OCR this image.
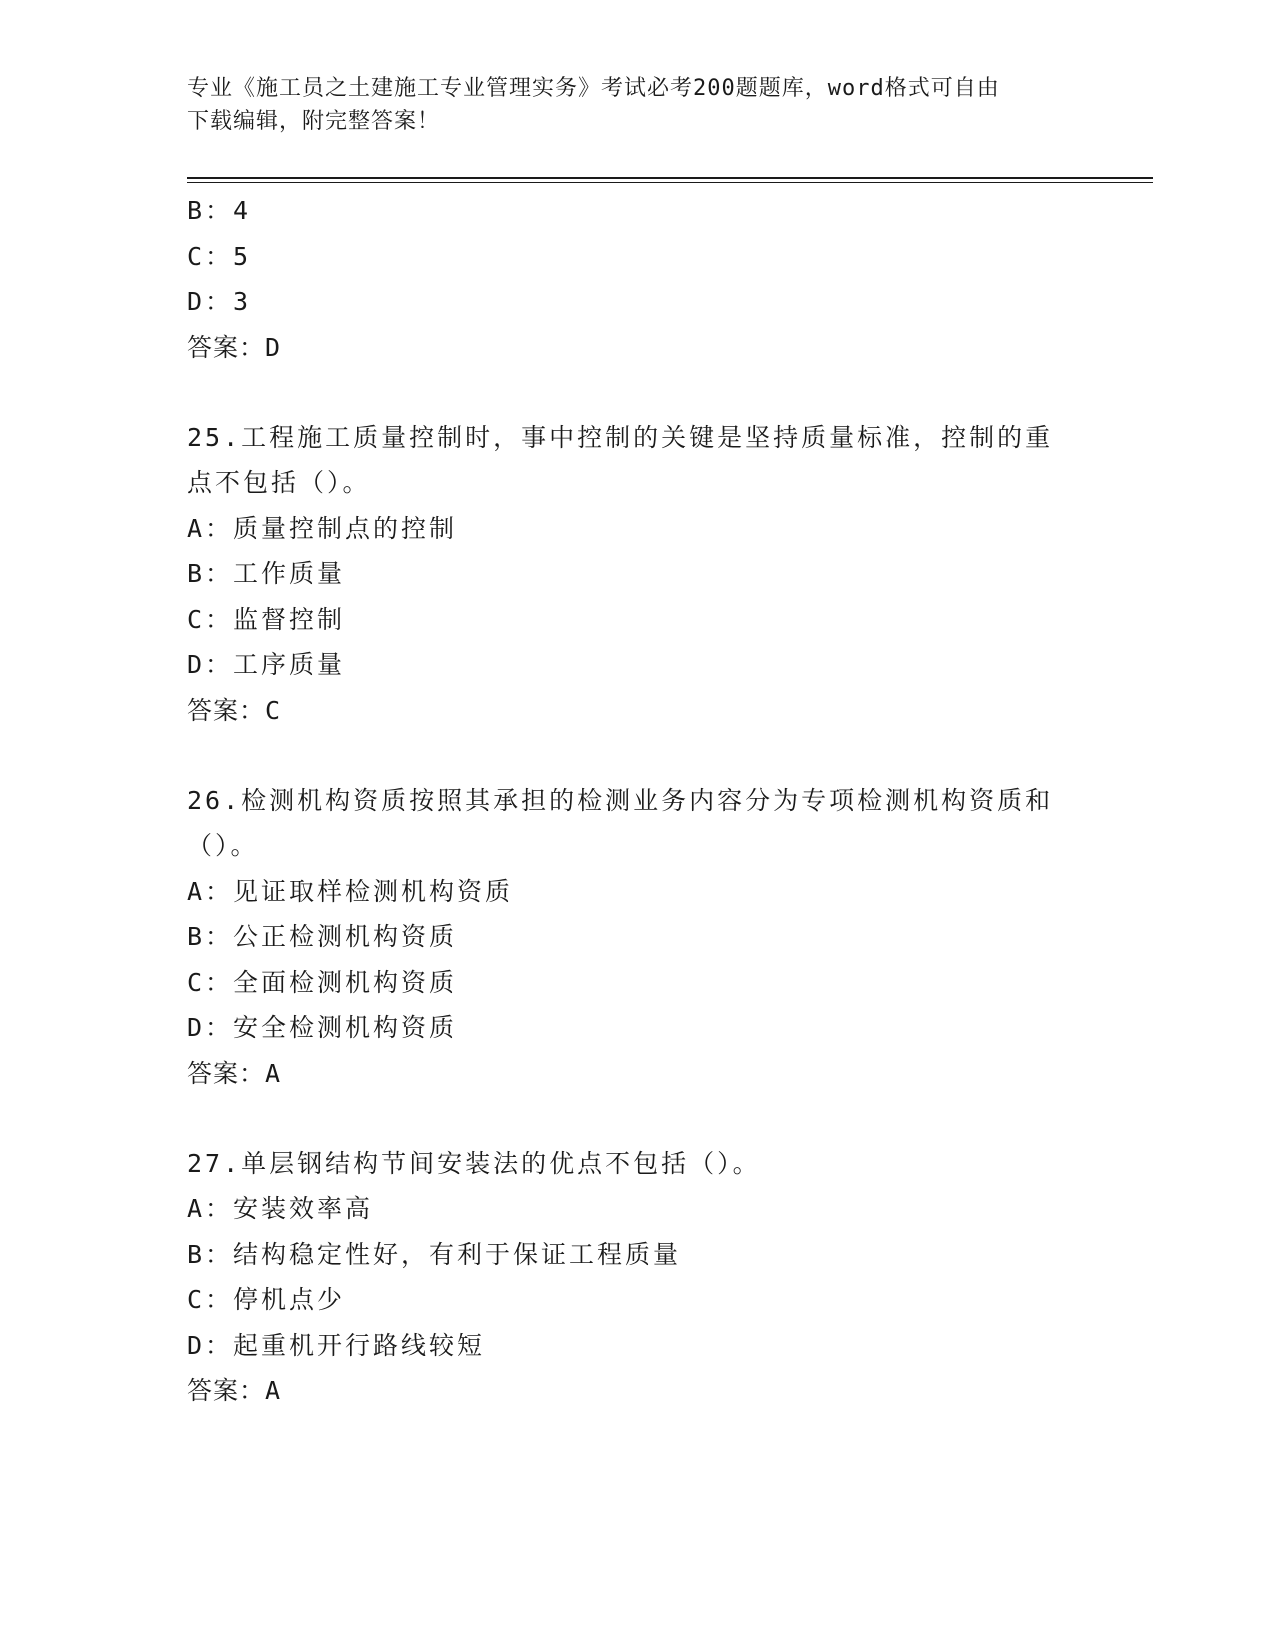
专业《施工员之土建施工专业管理实务》考试必考200题题库，word格式可自由
下载编辑，附完整答案！
B：4
C：5
D：3
答案：D
25.工程施工质量控制时，事中控制的关键是坚持质量标准，控制的重
点不包括（）。
A：质量控制点的控制
B：工作质量
C：监督控制
D：工序质量
答案：C
26.检测机构资质按照其承担的检测业务内容分为专项检测机构资质和
（）。
A：见证取样检测机构资质
B：公正检测机构资质
C：全面检测机构资质
D：安全检测机构资质
答案：A
27.单层钢结构节间安装法的优点不包括（）。
A：安装效率高
B：结构稳定性好，有利于保证工程质量
C：停机点少
D：起重机开行路线较短
答案：A
